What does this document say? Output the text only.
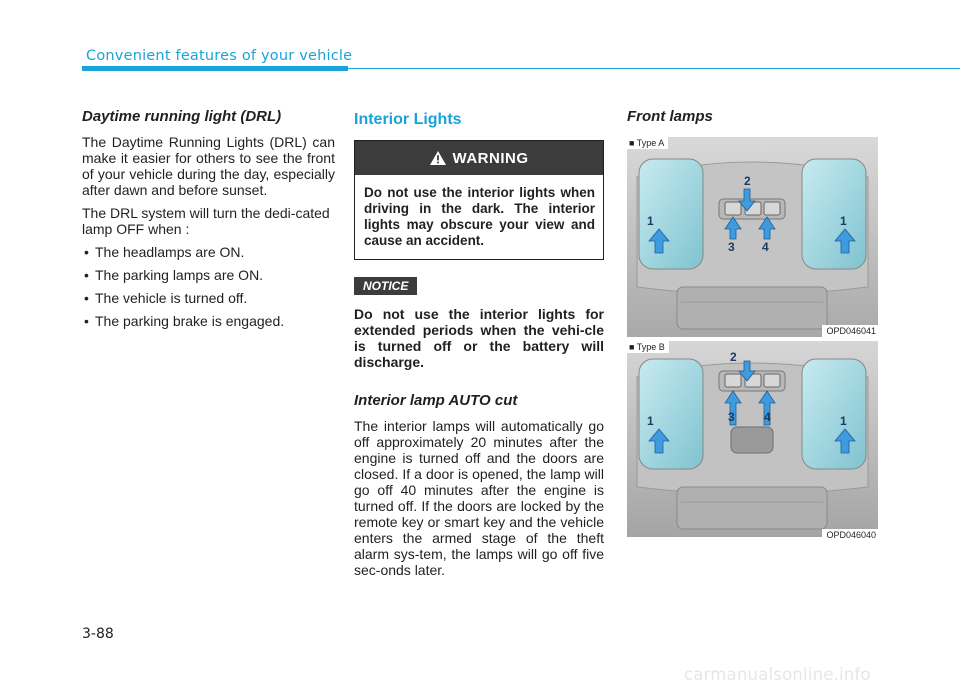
Convenient features of your vehicle
Daytime running light (DRL)

The Daytime Running Lights (DRL) can make it easier for others to see the front of your vehicle during the day, especially after dawn and before sunset.

The DRL system will turn the dedi-cated lamp OFF when :

• The headlamps are ON.
• The parking lamps are ON.
• The vehicle is turned off.
• The parking brake is engaged.
Interior Lights
WARNING
Do not use the interior lights when driving in the dark. The interior lights may obscure your view and cause an accident.
NOTICE

Do not use the interior lights for extended periods when the vehi-cle is turned off or the battery will discharge.

Interior lamp AUTO cut

The interior lamps will automatically go off approximately 20 minutes after the engine is turned off and the doors are closed. If a door is opened, the lamp will go off 40 minutes after the engine is turned off. If the doors are locked by the remote key or smart key and the vehicle enters the armed stage of the theft alarm sys-tem, the lamps will go off five sec-onds later.

Front lamps
1
2
1
3 4
■ Type A
OPD046041
1
2
1
3 4
■ Type B
OPD046040
3-88
carmanualsonline.info
